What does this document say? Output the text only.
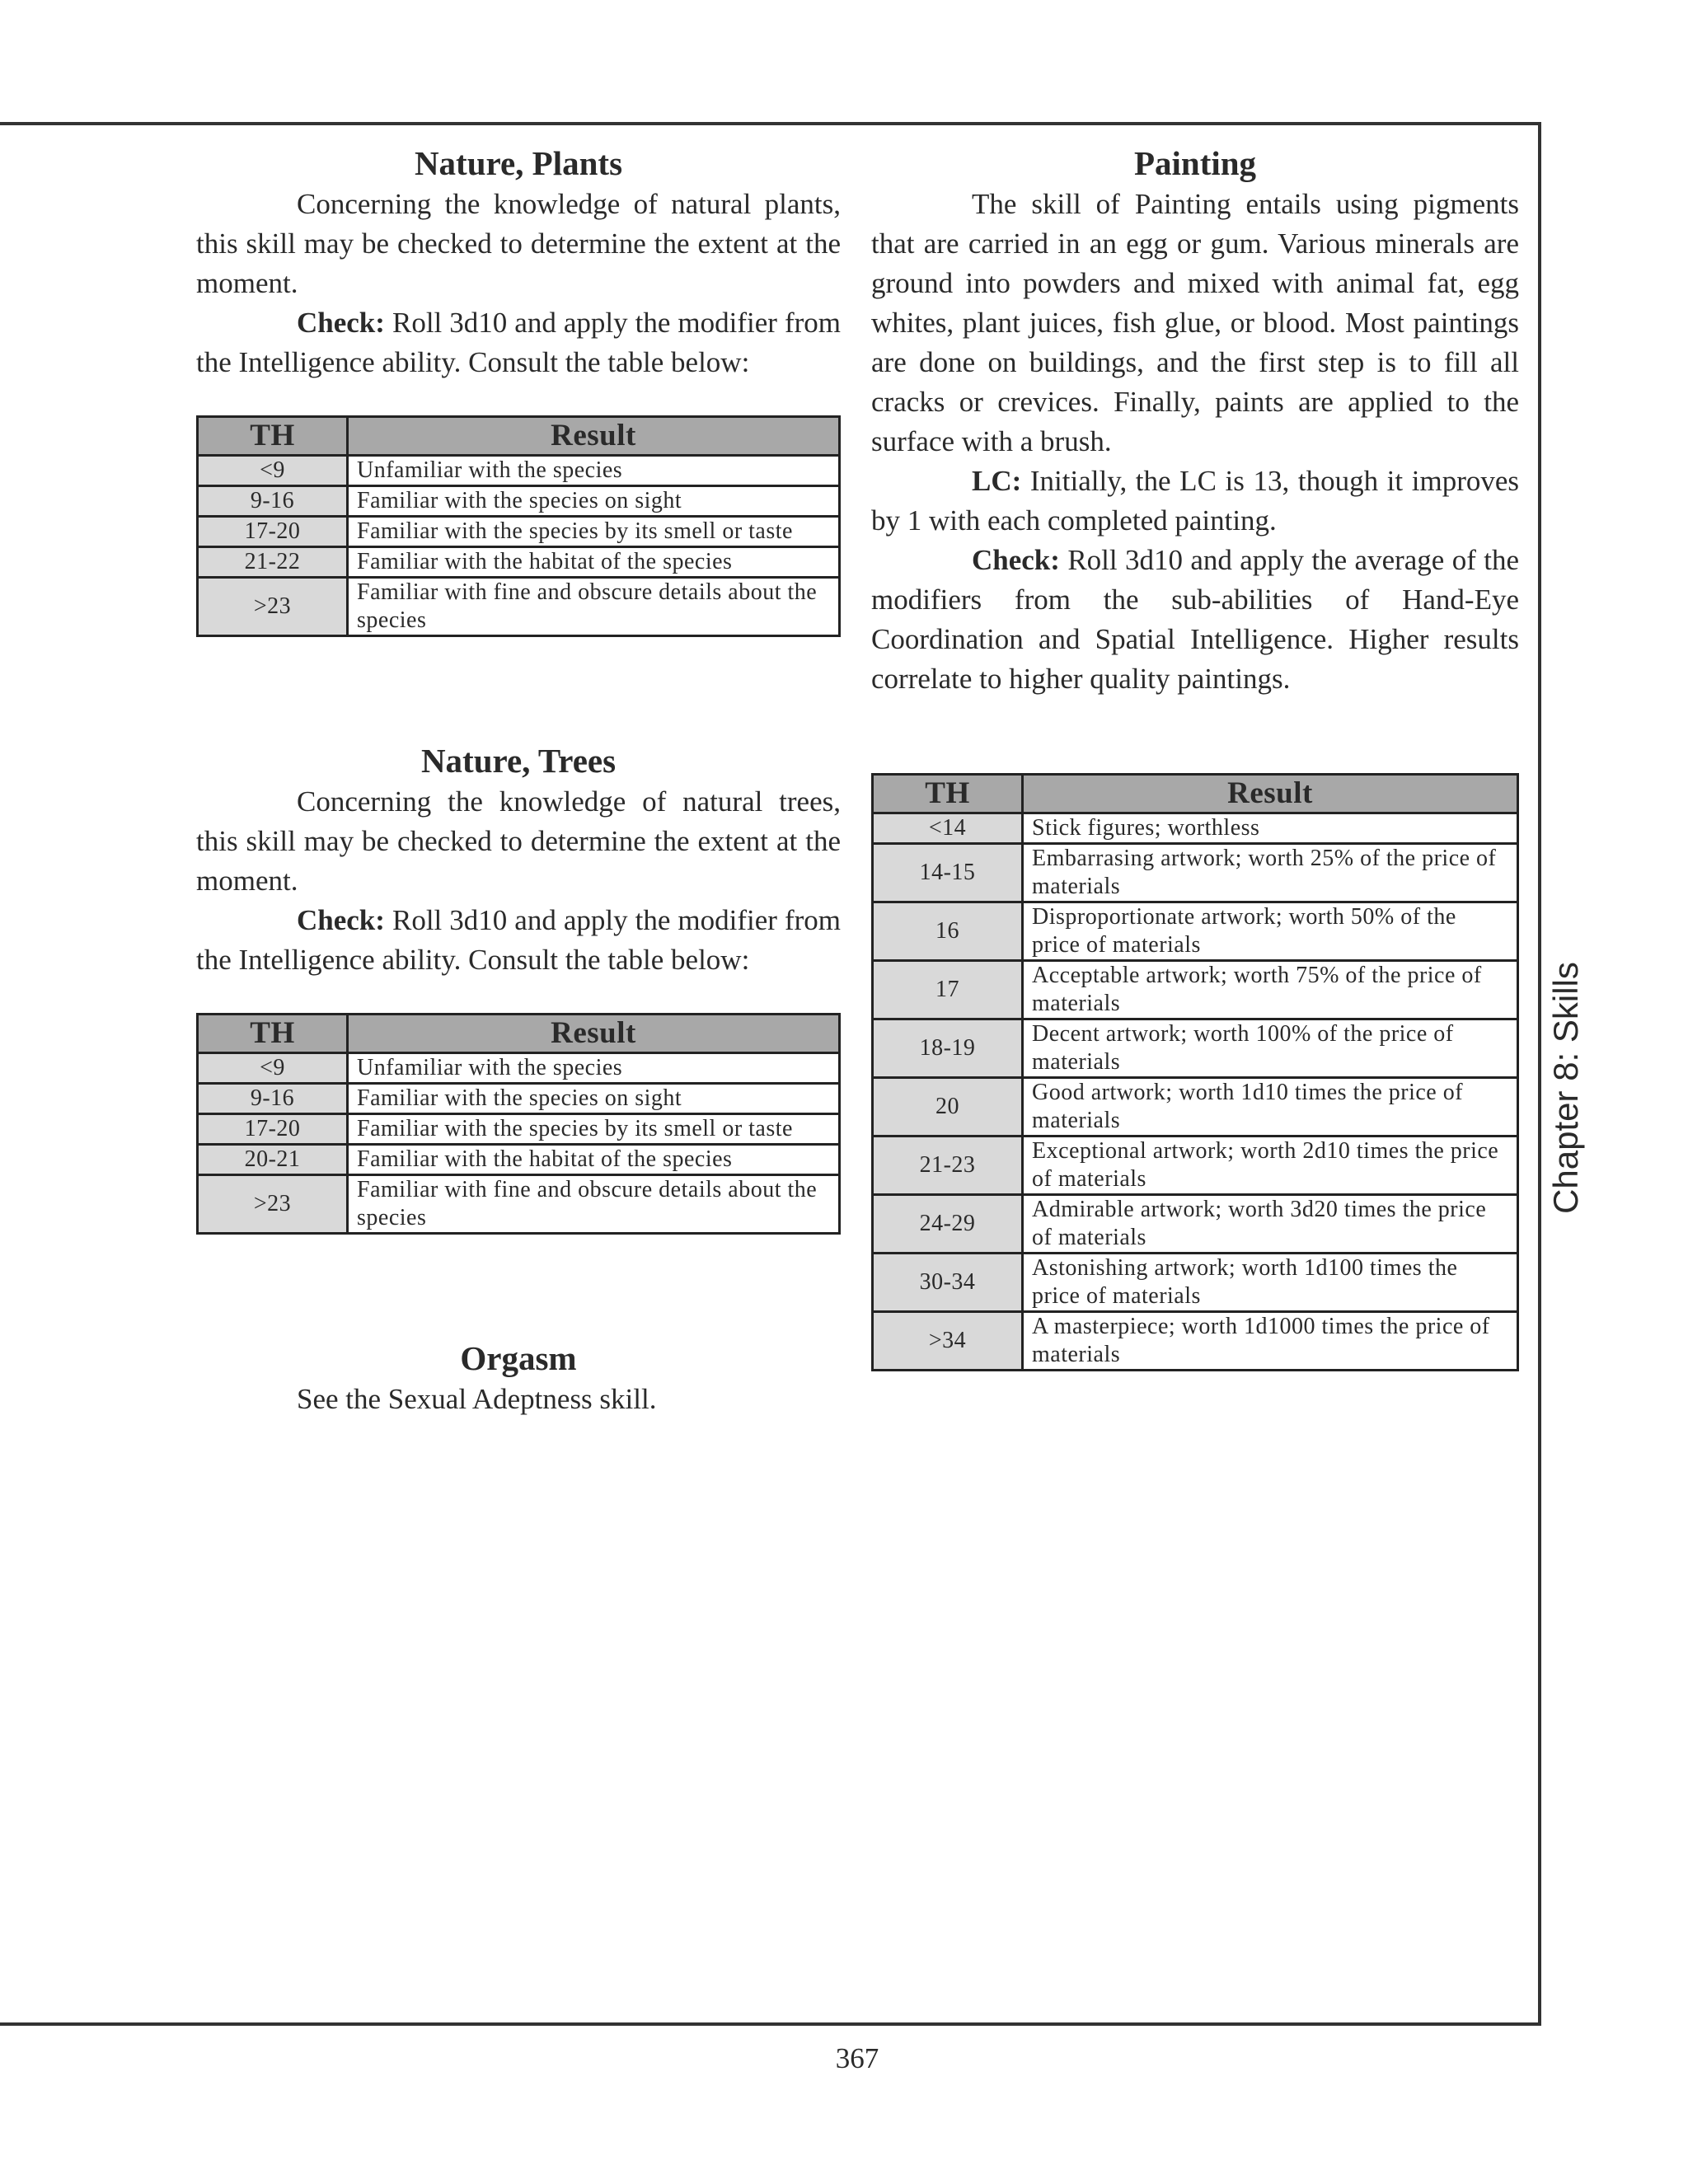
Nature, Plants

Concerning the knowledge of natural plants, this skill may be checked to determine the extent at the moment.

Check: Roll 3d10 and apply the modifier from the Intelligence ability. Consult the table below:

TH	Result
<9	Unfamiliar with the species
9-16	Familiar with the species on sight
17-20	Familiar with the species by its smell or taste
21-22	Familiar with the habitat of the species
>23	Familiar with fine and obscure details about the species
Nature, Trees

Concerning the knowledge of natural trees, this skill may be checked to determine the extent at the moment.

Check: Roll 3d10 and apply the modifier from the Intelligence ability. Consult the table below:

TH	Result
<9	Unfamiliar with the species
9-16	Familiar with the species on sight
17-20	Familiar with the species by its smell or taste
20-21	Familiar with the habitat of the species
>23	Familiar with fine and obscure details about the species
Orgasm

See the Sexual Adeptness skill.

Painting

The skill of Painting entails using pigments that are carried in an egg or gum. Various minerals are ground into powders and mixed with animal fat, egg whites, plant juices, fish glue, or blood. Most paintings are done on buildings, and the first step is to fill all cracks or crevices. Finally, paints are applied to the surface with a brush.

LC: Initially, the LC is 13, though it improves by 1 with each completed painting.

Check: Roll 3d10 and apply the average of the modifiers from the sub-abilities of Hand-Eye Coordination and Spatial Intelligence. Higher results correlate to higher quality paintings.

TH	Result
<14	Stick figures; worthless
14-15	Embarrasing artwork; worth 25% of the price of materials
16	Disproportionate artwork; worth 50% of the price of materials
17	Acceptable artwork; worth 75% of the price of materials
18-19	Decent artwork; worth 100% of the price of materials
20	Good artwork; worth 1d10 times the price of materials
21-23	Exceptional artwork; worth 2d10 times the price of materials
24-29	Admirable artwork; worth 3d20 times the price of materials
30-34	Astonishing artwork; worth 1d100 times the price of materials
>34	A masterpiece; worth 1d1000 times the price of materials
Chapter 8: Skills
367
